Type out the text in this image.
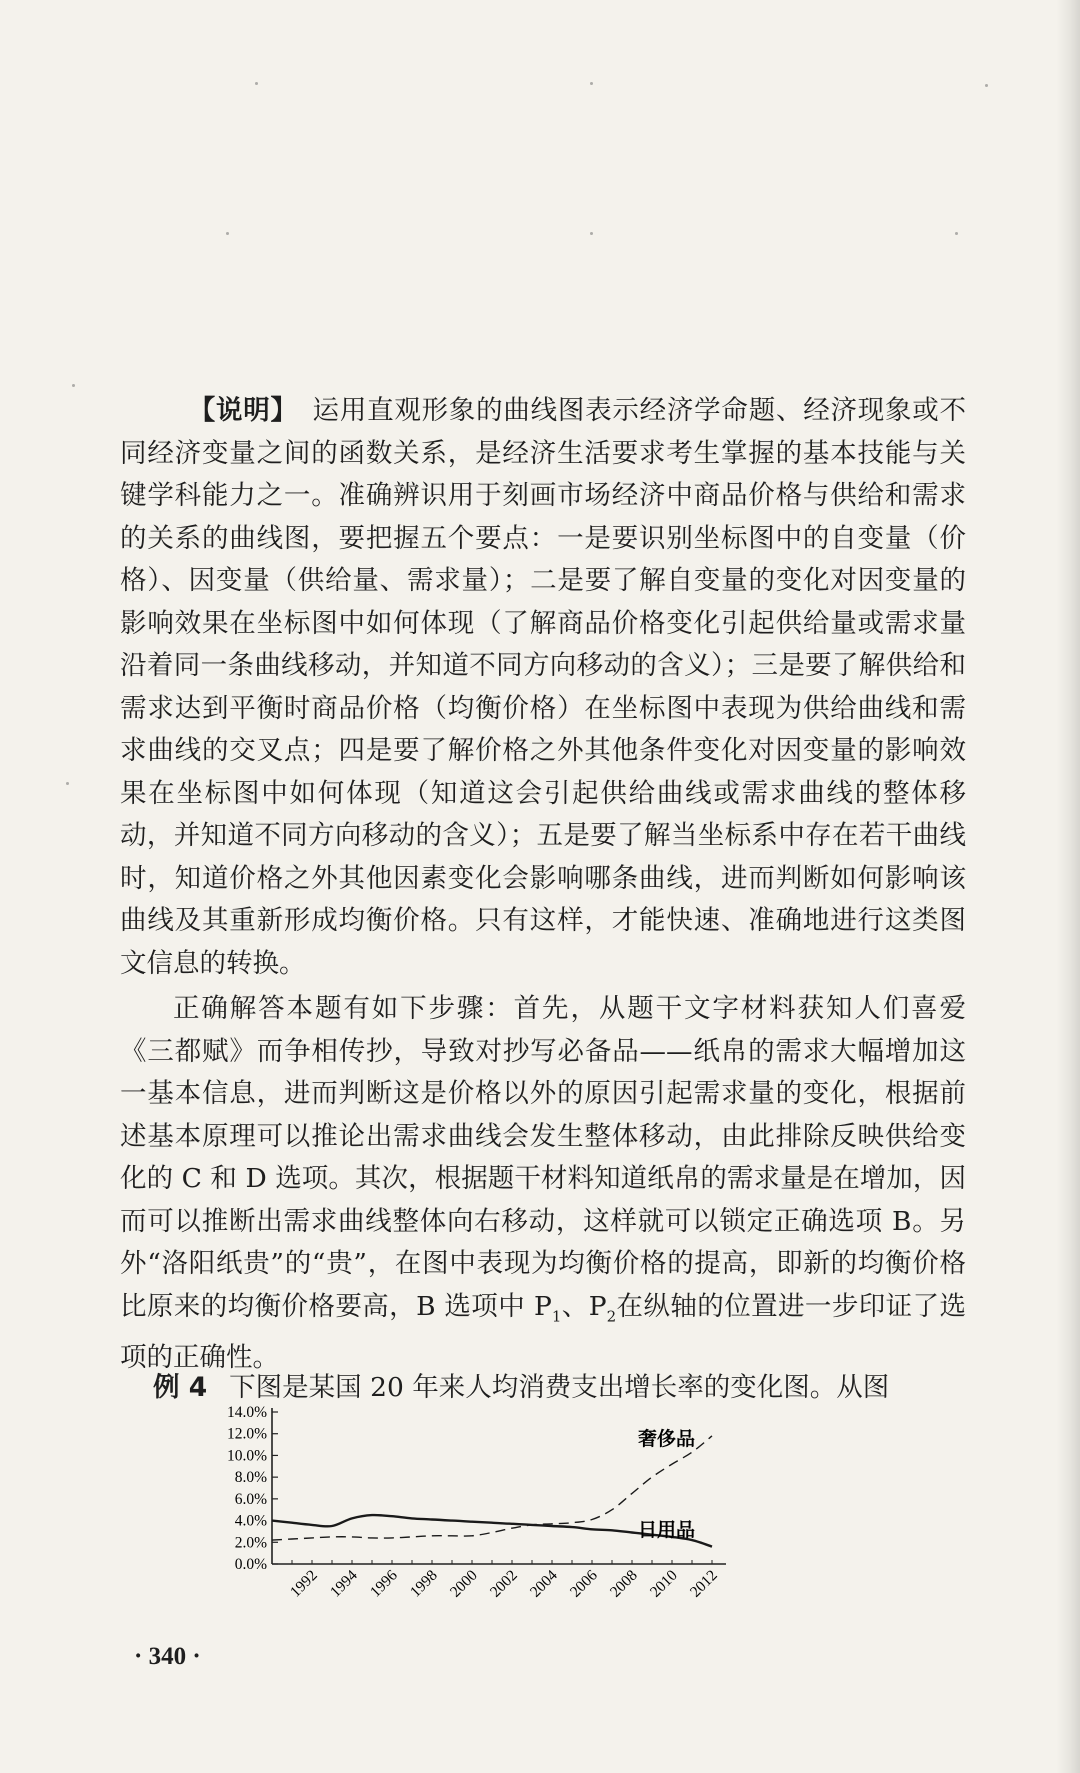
【说明】 运用直观形象的曲线图表示经济学命题、经济现象或不同经济变量之间的函数关系，是经济生活要求考生掌握的基本技能与关键学科能力之一。准确辨识用于刻画市场经济中商品价格与供给和需求的关系的曲线图，要把握五个要点：一是要识别坐标图中的自变量（价格）、因变量（供给量、需求量）；二是要了解自变量的变化对因变量的影响效果在坐标图中如何体现（了解商品价格变化引起供给量或需求量沿着同一条曲线移动，并知道不同方向移动的含义）；三是要了解供给和需求达到平衡时商品价格（均衡价格）在坐标图中表现为供给曲线和需求曲线的交叉点；四是要了解价格之外其他条件变化对因变量的影响效果在坐标图中如何体现（知道这会引起供给曲线或需求曲线的整体移动，并知道不同方向移动的含义）；五是要了解当坐标系中存在若干曲线时，知道价格之外其他因素变化会影响哪条曲线，进而判断如何影响该曲线及其重新形成均衡价格。只有这样，才能快速、准确地进行这类图文信息的转换。

正确解答本题有如下步骤：首先，从题干文字材料获知人们喜爱《三都赋》而争相传抄，导致对抄写必备品——纸帛的需求大幅增加这一基本信息，进而判断这是价格以外的原因引起需求量的变化，根据前述基本原理可以推论出需求曲线会发生整体移动，由此排除反映供给变化的 C 和 D 选项。其次，根据题干材料知道纸帛的需求量是在增加，因而可以推断出需求曲线整体向右移动，这样就可以锁定正确选项 B。另外“洛阳纸贵”的“贵”，在图中表现为均衡价格的提高，即新的均衡价格比原来的均衡价格要高，B 选项中 $P_1$、$P_2$在纵轴的位置进一步印证了选项的正确性。

例 4 下图是某国 20 年来人均消费支出增长率的变化图。从图
0.0%
2.0%
4.0%
6.0%
8.0%
10.0%
12.0%
14.0%
1992 1994 1996 1998 2000 2002 2004 2006 2008 2010 2012
奢侈品
日用品
· 340 ·
